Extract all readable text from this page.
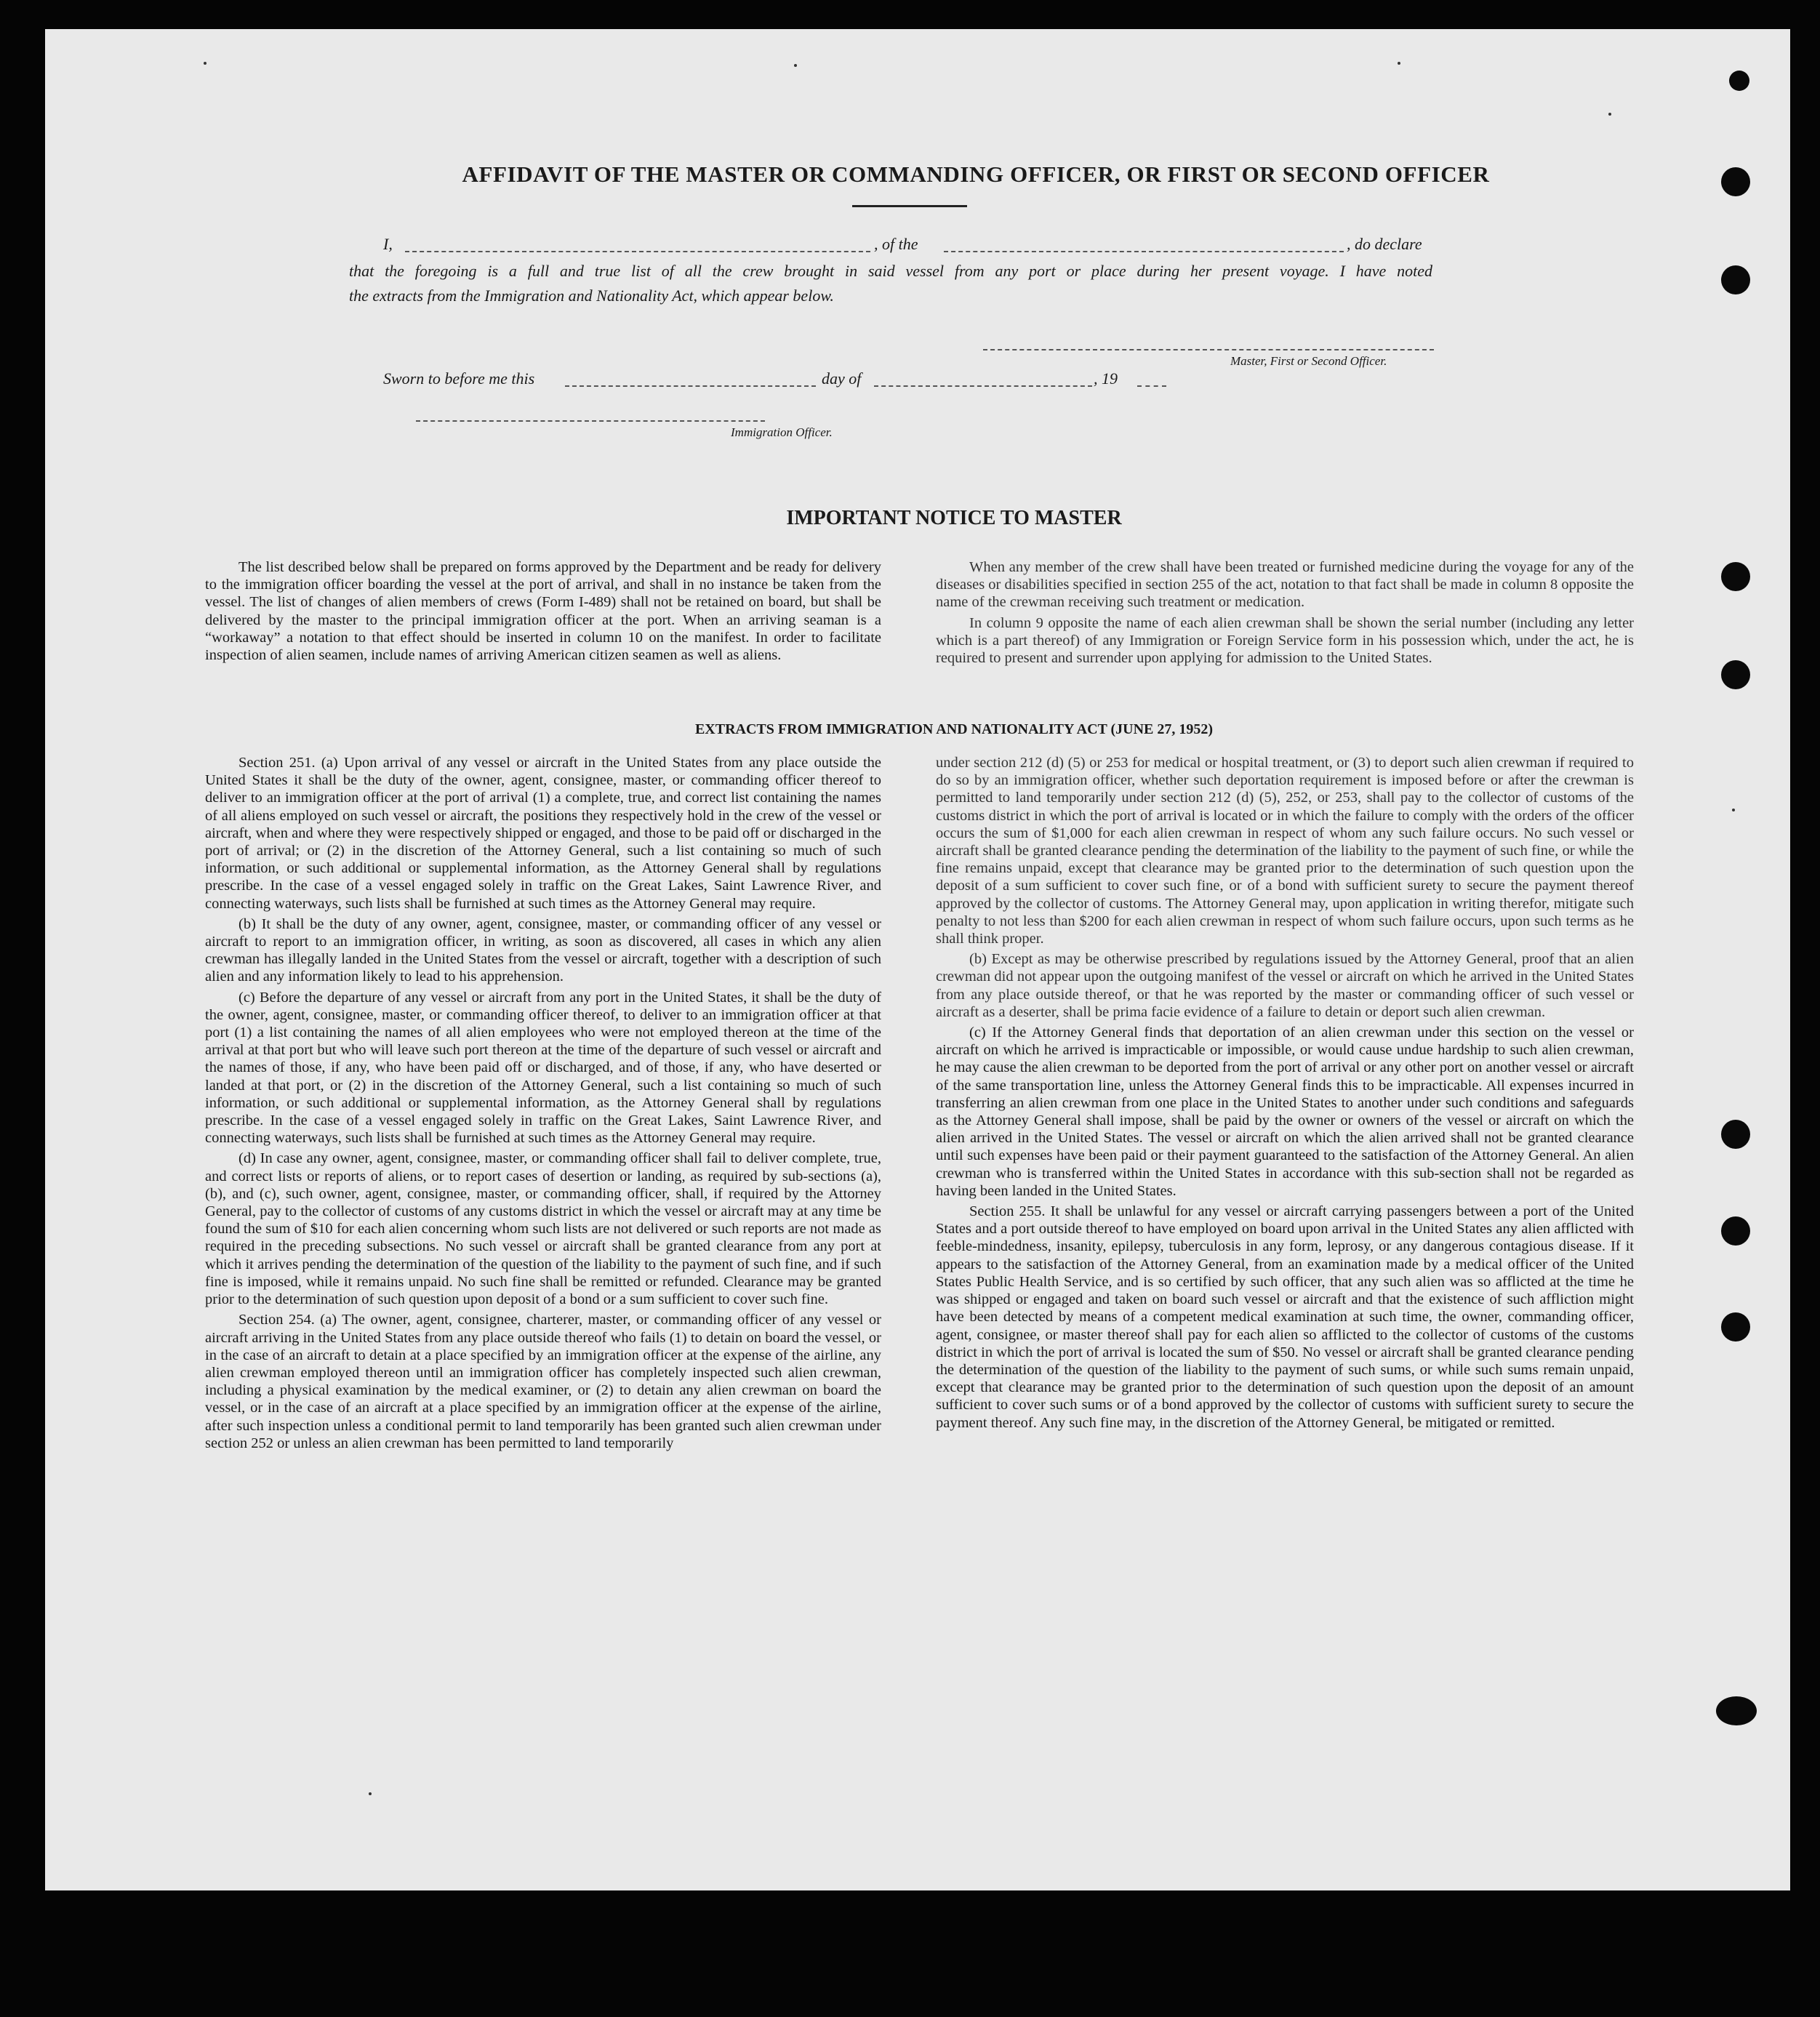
AFFIDAVIT OF THE MASTER OR COMMANDING OFFICER, OR FIRST OR SECOND OFFICER
I,	, of the	, do declare
that the foregoing is a full and true list of all the crew brought in said vessel from any port or place during her present voyage. I have noted
the extracts from the Immigration and Nationality Act, which appear below.
Master, First or Second Officer.
Sworn to before me this	day of	, 19
Immigration Officer.
IMPORTANT NOTICE TO MASTER

The list described below shall be prepared on forms approved by the Department and be ready for delivery to the immigration officer boarding the vessel at the port of arrival, and shall in no instance be taken from the vessel. The list of changes of alien members of crews (Form I-489) shall not be retained on board, but shall be delivered by the master to the principal immigration officer at the port. When an arriving seaman is a “workaway” a notation to that effect should be inserted in column 10 on the manifest. In order to facilitate inspection of alien seamen, include names of arriving American citizen seamen as well as aliens.

When any member of the crew shall have been treated or furnished medicine during the voyage for any of the diseases or disabilities specified in section 255 of the act, notation to that fact shall be made in column 8 opposite the name of the crewman receiving such treatment or medication.

In column 9 opposite the name of each alien crewman shall be shown the serial number (including any letter which is a part thereof) of any Immigration or Foreign Service form in his possession which, under the act, he is required to present and surrender upon applying for admission to the United States.

EXTRACTS FROM IMMIGRATION AND NATIONALITY ACT (JUNE 27, 1952)

Section 251. (a) Upon arrival of any vessel or aircraft in the United States from any place outside the United States it shall be the duty of the owner, agent, consignee, master, or commanding officer thereof to deliver to an immigration officer at the port of arrival (1) a complete, true, and correct list containing the names of all aliens employed on such vessel or aircraft, the positions they respectively hold in the crew of the vessel or aircraft, when and where they were respectively shipped or engaged, and those to be paid off or discharged in the port of arrival; or (2) in the discretion of the Attorney General, such a list containing so much of such information, or such additional or supplemental information, as the Attorney General shall by regulations prescribe. In the case of a vessel engaged solely in traffic on the Great Lakes, Saint Lawrence River, and connecting waterways, such lists shall be furnished at such times as the Attorney General may require.

(b) It shall be the duty of any owner, agent, consignee, master, or commanding officer of any vessel or aircraft to report to an immigration officer, in writing, as soon as discovered, all cases in which any alien crewman has illegally landed in the United States from the vessel or aircraft, together with a description of such alien and any information likely to lead to his apprehension.

(c) Before the departure of any vessel or aircraft from any port in the United States, it shall be the duty of the owner, agent, consignee, master, or commanding officer thereof, to deliver to an immigration officer at that port (1) a list containing the names of all alien employees who were not employed thereon at the time of the arrival at that port but who will leave such port thereon at the time of the departure of such vessel or aircraft and the names of those, if any, who have been paid off or discharged, and of those, if any, who have deserted or landed at that port, or (2) in the discretion of the Attorney General, such a list containing so much of such information, or such additional or supplemental information, as the Attorney General shall by regulations prescribe. In the case of a vessel engaged solely in traffic on the Great Lakes, Saint Lawrence River, and connecting waterways, such lists shall be furnished at such times as the Attorney General may require.

(d) In case any owner, agent, consignee, master, or commanding officer shall fail to deliver complete, true, and correct lists or reports of aliens, or to report cases of desertion or landing, as required by sub-sections (a), (b), and (c), such owner, agent, consignee, master, or commanding officer, shall, if required by the Attorney General, pay to the collector of customs of any customs district in which the vessel or aircraft may at any time be found the sum of $10 for each alien concerning whom such lists are not delivered or such reports are not made as required in the preceding subsections. No such vessel or aircraft shall be granted clearance from any port at which it arrives pending the determination of the question of the liability to the payment of such fine, and if such fine is imposed, while it remains unpaid. No such fine shall be remitted or refunded. Clearance may be granted prior to the determination of such question upon deposit of a bond or a sum sufficient to cover such fine.

Section 254. (a) The owner, agent, consignee, charterer, master, or commanding officer of any vessel or aircraft arriving in the United States from any place outside thereof who fails (1) to detain on board the vessel, or in the case of an aircraft to detain at a place specified by an immigration officer at the expense of the airline, any alien crewman employed thereon until an immigration officer has completely inspected such alien crewman, including a physical examination by the medical examiner, or (2) to detain any alien crewman on board the vessel, or in the case of an aircraft at a place specified by an immigration officer at the expense of the airline, after such inspection unless a conditional permit to land temporarily has been granted such alien crewman under section 252 or unless an alien crewman has been permitted to land temporarily

under section 212 (d) (5) or 253 for medical or hospital treatment, or (3) to deport such alien crewman if required to do so by an immigration officer, whether such deportation requirement is imposed before or after the crewman is permitted to land temporarily under section 212 (d) (5), 252, or 253, shall pay to the collector of customs of the customs district in which the port of arrival is located or in which the failure to comply with the orders of the officer occurs the sum of $1,000 for each alien crewman in respect of whom any such failure occurs. No such vessel or aircraft shall be granted clearance pending the determination of the liability to the payment of such fine, or while the fine remains unpaid, except that clearance may be granted prior to the determination of such question upon the deposit of a sum sufficient to cover such fine, or of a bond with sufficient surety to secure the payment thereof approved by the collector of customs. The Attorney General may, upon application in writing therefor, mitigate such penalty to not less than $200 for each alien crewman in respect of whom such failure occurs, upon such terms as he shall think proper.

(b) Except as may be otherwise prescribed by regulations issued by the Attorney General, proof that an alien crewman did not appear upon the outgoing manifest of the vessel or aircraft on which he arrived in the United States from any place outside thereof, or that he was reported by the master or commanding officer of such vessel or aircraft as a deserter, shall be prima facie evidence of a failure to detain or deport such alien crewman.

(c) If the Attorney General finds that deportation of an alien crewman under this section on the vessel or aircraft on which he arrived is impracticable or impossible, or would cause undue hardship to such alien crewman, he may cause the alien crewman to be deported from the port of arrival or any other port on another vessel or aircraft of the same transportation line, unless the Attorney General finds this to be impracticable. All expenses incurred in transferring an alien crewman from one place in the United States to another under such conditions and safeguards as the Attorney General shall impose, shall be paid by the owner or owners of the vessel or aircraft on which the alien arrived in the United States. The vessel or aircraft on which the alien arrived shall not be granted clearance until such expenses have been paid or their payment guaranteed to the satisfaction of the Attorney General. An alien crewman who is transferred within the United States in accordance with this sub-section shall not be regarded as having been landed in the United States.

Section 255. It shall be unlawful for any vessel or aircraft carrying passengers between a port of the United States and a port outside thereof to have employed on board upon arrival in the United States any alien afflicted with feeble-mindedness, insanity, epilepsy, tuberculosis in any form, leprosy, or any dangerous contagious disease. If it appears to the satisfaction of the Attorney General, from an examination made by a medical officer of the United States Public Health Service, and is so certified by such officer, that any such alien was so afflicted at the time he was shipped or engaged and taken on board such vessel or aircraft and that the existence of such affliction might have been detected by means of a competent medical examination at such time, the owner, commanding officer, agent, consignee, or master thereof shall pay for each alien so afflicted to the collector of customs of the customs district in which the port of arrival is located the sum of $50. No vessel or aircraft shall be granted clearance pending the determination of the question of the liability to the payment of such sums, or while such sums remain unpaid, except that clearance may be granted prior to the determination of such question upon the deposit of an amount sufficient to cover such sums or of a bond approved by the collector of customs with sufficient surety to secure the payment thereof. Any such fine may, in the discretion of the Attorney General, be mitigated or remitted.
